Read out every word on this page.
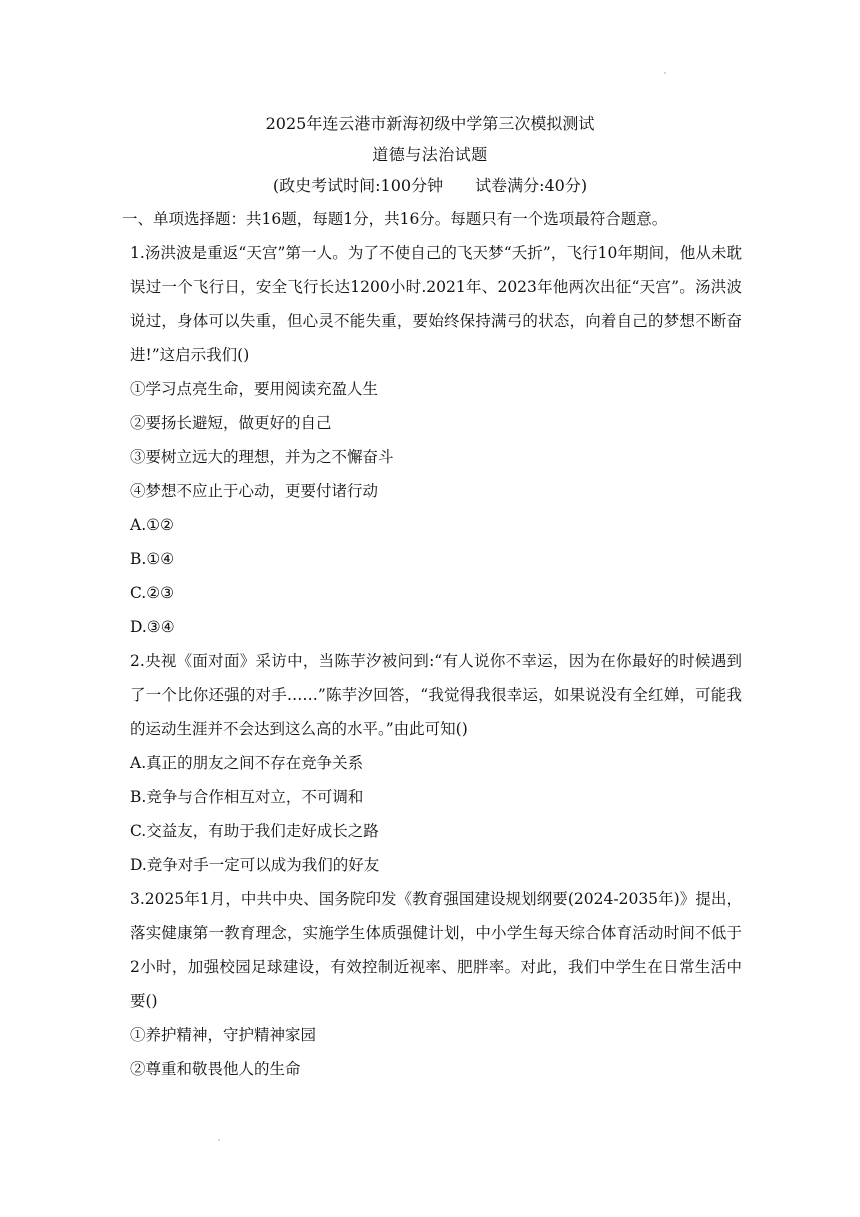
2025年连云港市新海初级中学第三次模拟测试
道德与法治试题
(政史考试时间:100分钟　　试卷满分:40分)
一、单项选择题：共16题，每题1分，共16分。每题只有一个选项最符合题意。

1.汤洪波是重返“天宫”第一人。为了不使自己的飞天梦“夭折”，飞行10年期间，他从未耽误过一个飞行日，安全飞行长达1200小时.2021年、2023年他两次出征“天宫”。汤洪波说过，身体可以失重，但心灵不能失重，要始终保持满弓的状态，向着自己的梦想不断奋进!”这启示我们()

①学习点亮生命，要用阅读充盈人生
②要扬长避短，做更好的自己
③要树立远大的理想，并为之不懈奋斗
④梦想不应止于心动，更要付诸行动
A.①②
B.①④
C.②③
D.③④

2.央视《面对面》采访中，当陈芋汐被问到:“有人说你不幸运，因为在你最好的时候遇到了一个比你还强的对手……”陈芋汐回答，“我觉得我很幸运，如果说没有全红婵，可能我的运动生涯并不会达到这么高的水平。”由此可知()

A.真正的朋友之间不存在竞争关系
B.竞争与合作相互对立，不可调和
C.交益友，有助于我们走好成长之路
D.竞争对手一定可以成为我们的好友

3.2025年1月，中共中央、国务院印发《教育强国建设规划纲要(2024-2035年)》提出，落实健康第一教育理念，实施学生体质强健计划，中小学生每天综合体育活动时间不低于2小时，加强校园足球建设，有效控制近视率、肥胖率。对此，我们中学生在日常生活中要()

①养护精神，守护精神家园
②尊重和敬畏他人的生命
